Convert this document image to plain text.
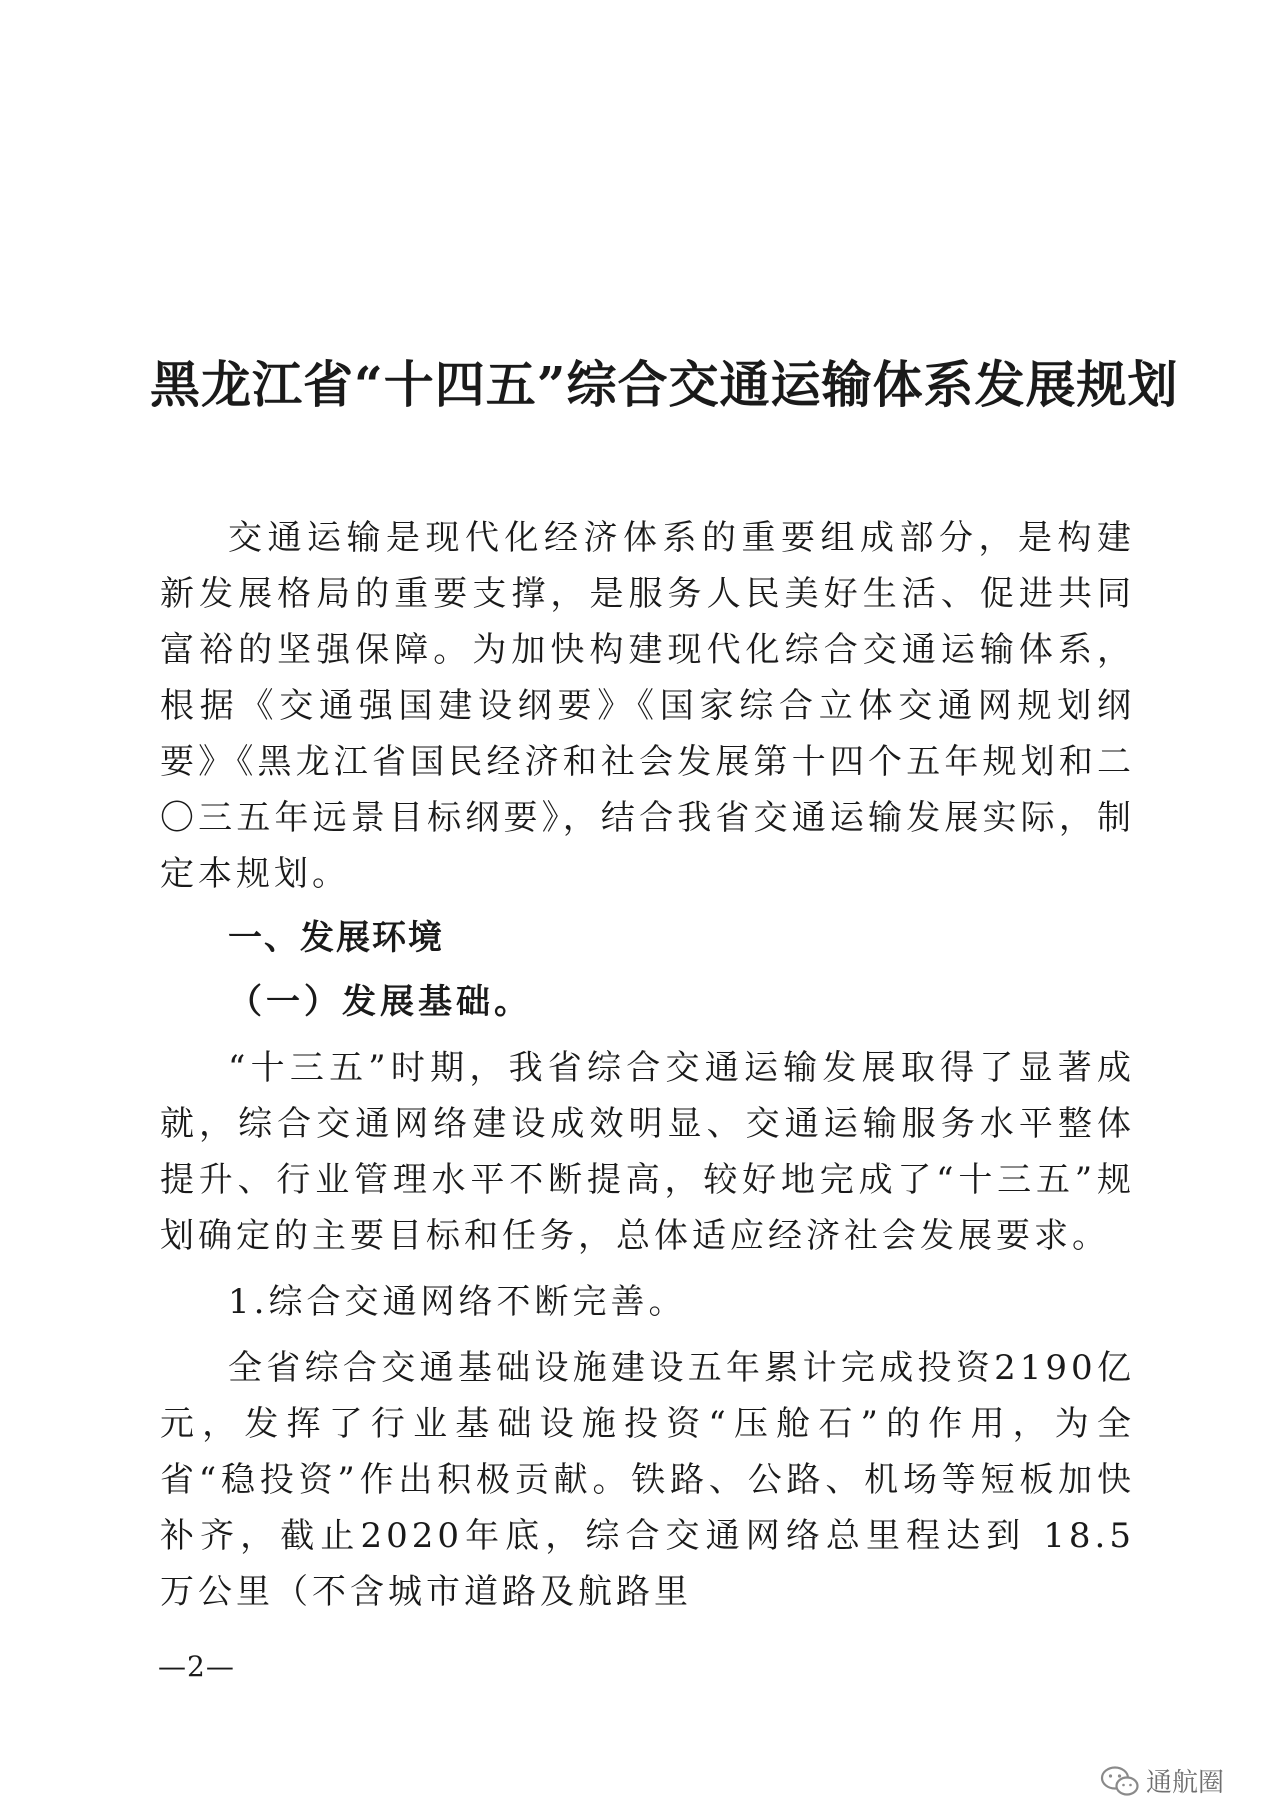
黑龙江省“十四五”综合交通运输体系发展规划

交通运输是现代化经济体系的重要组成部分，是构建新发展格局的重要支撑，是服务人民美好生活、促进共同富裕的坚强保障。为加快构建现代化综合交通运输体系，根据《交通强国建设纲要》《国家综合立体交通网规划纲要》《黑龙江省国民经济和社会发展第十四个五年规划和二〇三五年远景目标纲要》，结合我省交通运输发展实际，制定本规划。

一、发展环境

（一）发展基础。

“十三五”时期，我省综合交通运输发展取得了显著成就，综合交通网络建设成效明显、交通运输服务水平整体提升、行业管理水平不断提高，较好地完成了“十三五”规划确定的主要目标和任务，总体适应经济社会发展要求。

1.综合交通网络不断完善。

全省综合交通基础设施建设五年累计完成投资2190亿元，发挥了行业基础设施投资“压舱石”的作用，为全省“稳投资”作出积极贡献。铁路、公路、机场等短板加快补齐，截止2020年底，综合交通网络总里程达到 18.5 万公里（不含城市道路及航路里

—2—
通航圈
